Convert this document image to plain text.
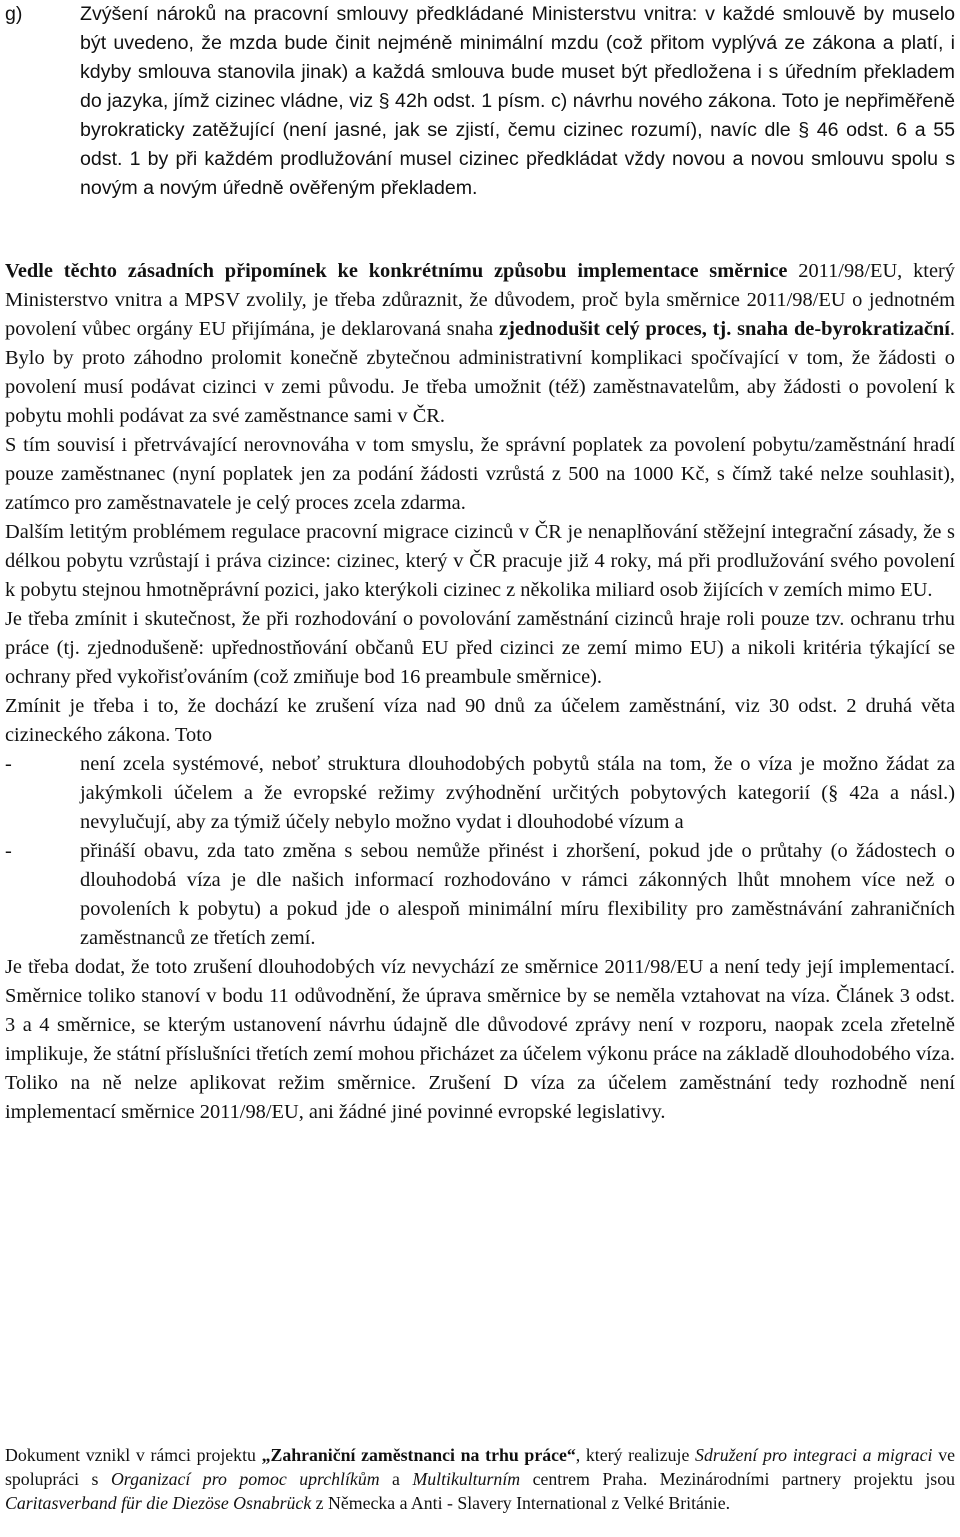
g)	Zvýšení nároků na pracovní smlouvy předkládané Ministerstvu vnitra: v každé smlouvě by muselo být uvedeno, že mzda bude činit nejméně minimální mzdu (což přitom vyplývá ze zákona a platí, i kdyby smlouva stanovila jinak) a každá smlouva bude muset být předložena i s úředním překladem do jazyka, jímž cizinec vládne, viz § 42h odst. 1 písm. c) návrhu nového zákona. Toto je nepřiměřeně byrokraticky zatěžující (není jasné, jak se zjistí, čemu cizinec rozumí), navíc dle § 46 odst. 6 a 55 odst. 1 by při každém prodlužování musel cizinec předkládat vždy novou a novou smlouvu spolu s novým a novým úředně ověřeným překladem.

Vedle těchto zásadních připomínek ke konkrétnímu způsobu implementace směrnice 2011/98/EU, který Ministerstvo vnitra a MPSV zvolily, je třeba zdůraznit, že důvodem, proč byla směrnice 2011/98/EU o jednotném povolení vůbec orgány EU přijímána, je deklarovaná snaha zjednodušit celý proces, tj. snaha de-byrokratizační. Bylo by proto záhodno prolomit konečně zbytečnou administrativní komplikaci spočívající v tom, že žádosti o povolení musí podávat cizinci v zemi původu. Je třeba umožnit (též) zaměstnavatelům, aby žádosti o povolení k pobytu mohli podávat za své zaměstnance sami v ČR.

S tím souvisí i přetrvávající nerovnováha v tom smyslu, že správní poplatek za povolení pobytu/zaměstnání hradí pouze zaměstnanec (nyní poplatek jen za podání žádosti vzrůstá z 500 na 1000 Kč, s čímž také nelze souhlasit), zatímco pro zaměstnavatele je celý proces zcela zdarma.

Dalším letitým problémem regulace pracovní migrace cizinců v ČR je nenaplňování stěžejní integrační zásady, že s délkou pobytu vzrůstají i práva cizince: cizinec, který v ČR pracuje již 4 roky, má při prodlužování svého povolení k pobytu stejnou hmotněprávní pozici, jako kterýkoli cizinec z několika miliard osob žijících v zemích mimo EU.

Je třeba zmínit i skutečnost, že při rozhodování o povolování zaměstnání cizinců hraje roli pouze tzv. ochranu trhu práce (tj. zjednodušeně: upřednostňování občanů EU před cizinci ze zemí mimo EU) a nikoli kritéria týkající se ochrany před vykořisťováním (což zmiňuje bod 16 preambule směrnice).

Zmínit je třeba i to, že dochází ke zrušení víza nad 90 dnů za účelem zaměstnání, viz 30 odst. 2 druhá věta cizineckého zákona. Toto

-	není zcela systémové, neboť struktura dlouhodobých pobytů stála na tom, že o víza je možno žádat za jakýmkoli účelem a že evropské režimy zvýhodnění určitých pobytových kategorií (§ 42a a násl.) nevylučují, aby za týmiž účely nebylo možno vydat i dlouhodobé vízum a
-	přináší obavu, zda tato změna s sebou nemůže přinést i zhoršení, pokud jde o průtahy (o žádostech o dlouhodobá víza je dle našich informací rozhodováno v rámci zákonných lhůt mnohem více než o povoleních k pobytu) a pokud jde o alespoň minimální míru flexibility pro zaměstnávání zahraničních zaměstnanců ze třetích zemí.

Je třeba dodat, že toto zrušení dlouhodobých víz nevychází ze směrnice 2011/98/EU a není tedy její implementací. Směrnice toliko stanoví v bodu 11 odůvodnění, že úprava směrnice by se neměla vztahovat na víza. Článek 3 odst. 3 a 4 směrnice, se kterým ustanovení návrhu údajně dle důvodové zprávy není v rozporu, naopak zcela zřetelně implikuje, že státní příslušníci třetích zemí mohou přicházet za účelem výkonu práce na základě dlouhodobého víza. Toliko na ně nelze aplikovat režim směrnice. Zrušení D víza za účelem zaměstnání tedy rozhodně není implementací směrnice 2011/98/EU, ani žádné jiné povinné evropské legislativy.

Dokument vznikl v rámci projektu „Zahraniční zaměstnanci na trhu práce“, který realizuje Sdružení pro integraci a migraci ve spolupráci s Organizací pro pomoc uprchlíkům a Multikulturním centrem Praha. Mezinárodními partnery projektu jsou Caritasverband für die Diezöse Osnabrück z Německa a Anti - Slavery International z Velké Británie.
